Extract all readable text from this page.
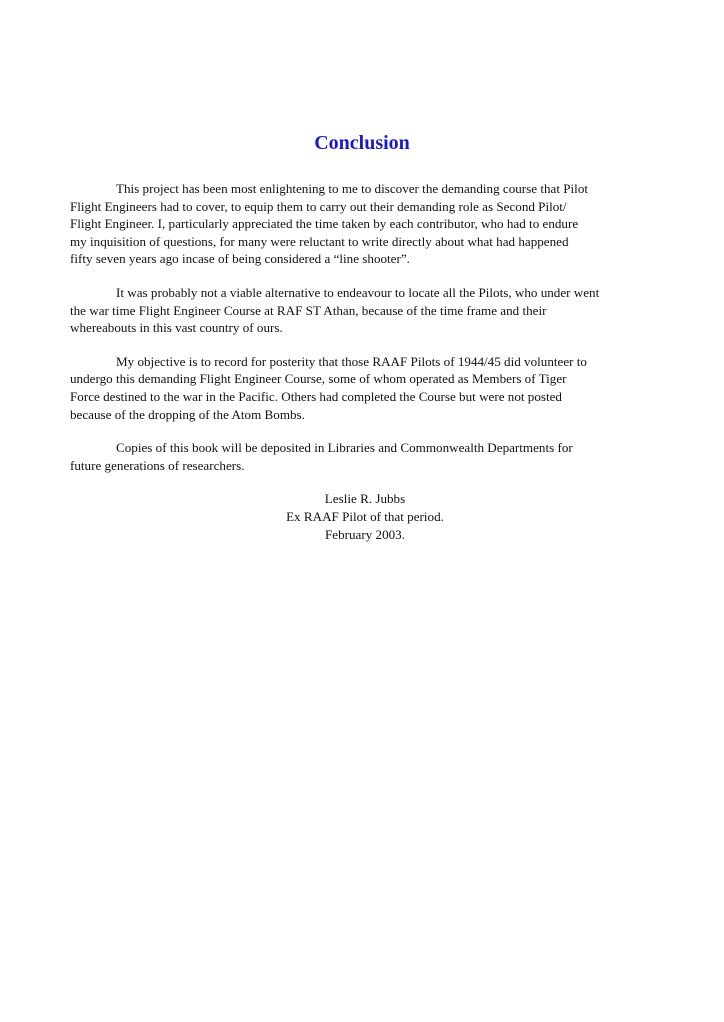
Conclusion

This project has been most enlightening to me to discover the demanding course that Pilot
Flight Engineers had to cover, to equip them to carry out their demanding role as Second Pilot/
Flight Engineer. I, particularly appreciated the time taken by each contributor, who had to endure
my inquisition of questions, for many were reluctant to write directly about what had happened
fifty seven years ago incase of being considered a “line shooter”.

It was probably not a viable alternative to endeavour to locate all the Pilots, who under went
the war time Flight Engineer Course at RAF ST Athan, because of the time frame and their
whereabouts in this vast country of ours.

My objective is to record for posterity that those RAAF Pilots of 1944/45 did volunteer to
undergo this demanding Flight Engineer Course, some of whom operated as Members of Tiger
Force destined to the war in the Pacific. Others had completed the Course but were not posted
because of the dropping of the Atom Bombs.

Copies of this book will be deposited in Libraries and Commonwealth Departments for
future generations of researchers.

Leslie R. Jubbs
Ex RAAF Pilot of that period.
February 2003.
